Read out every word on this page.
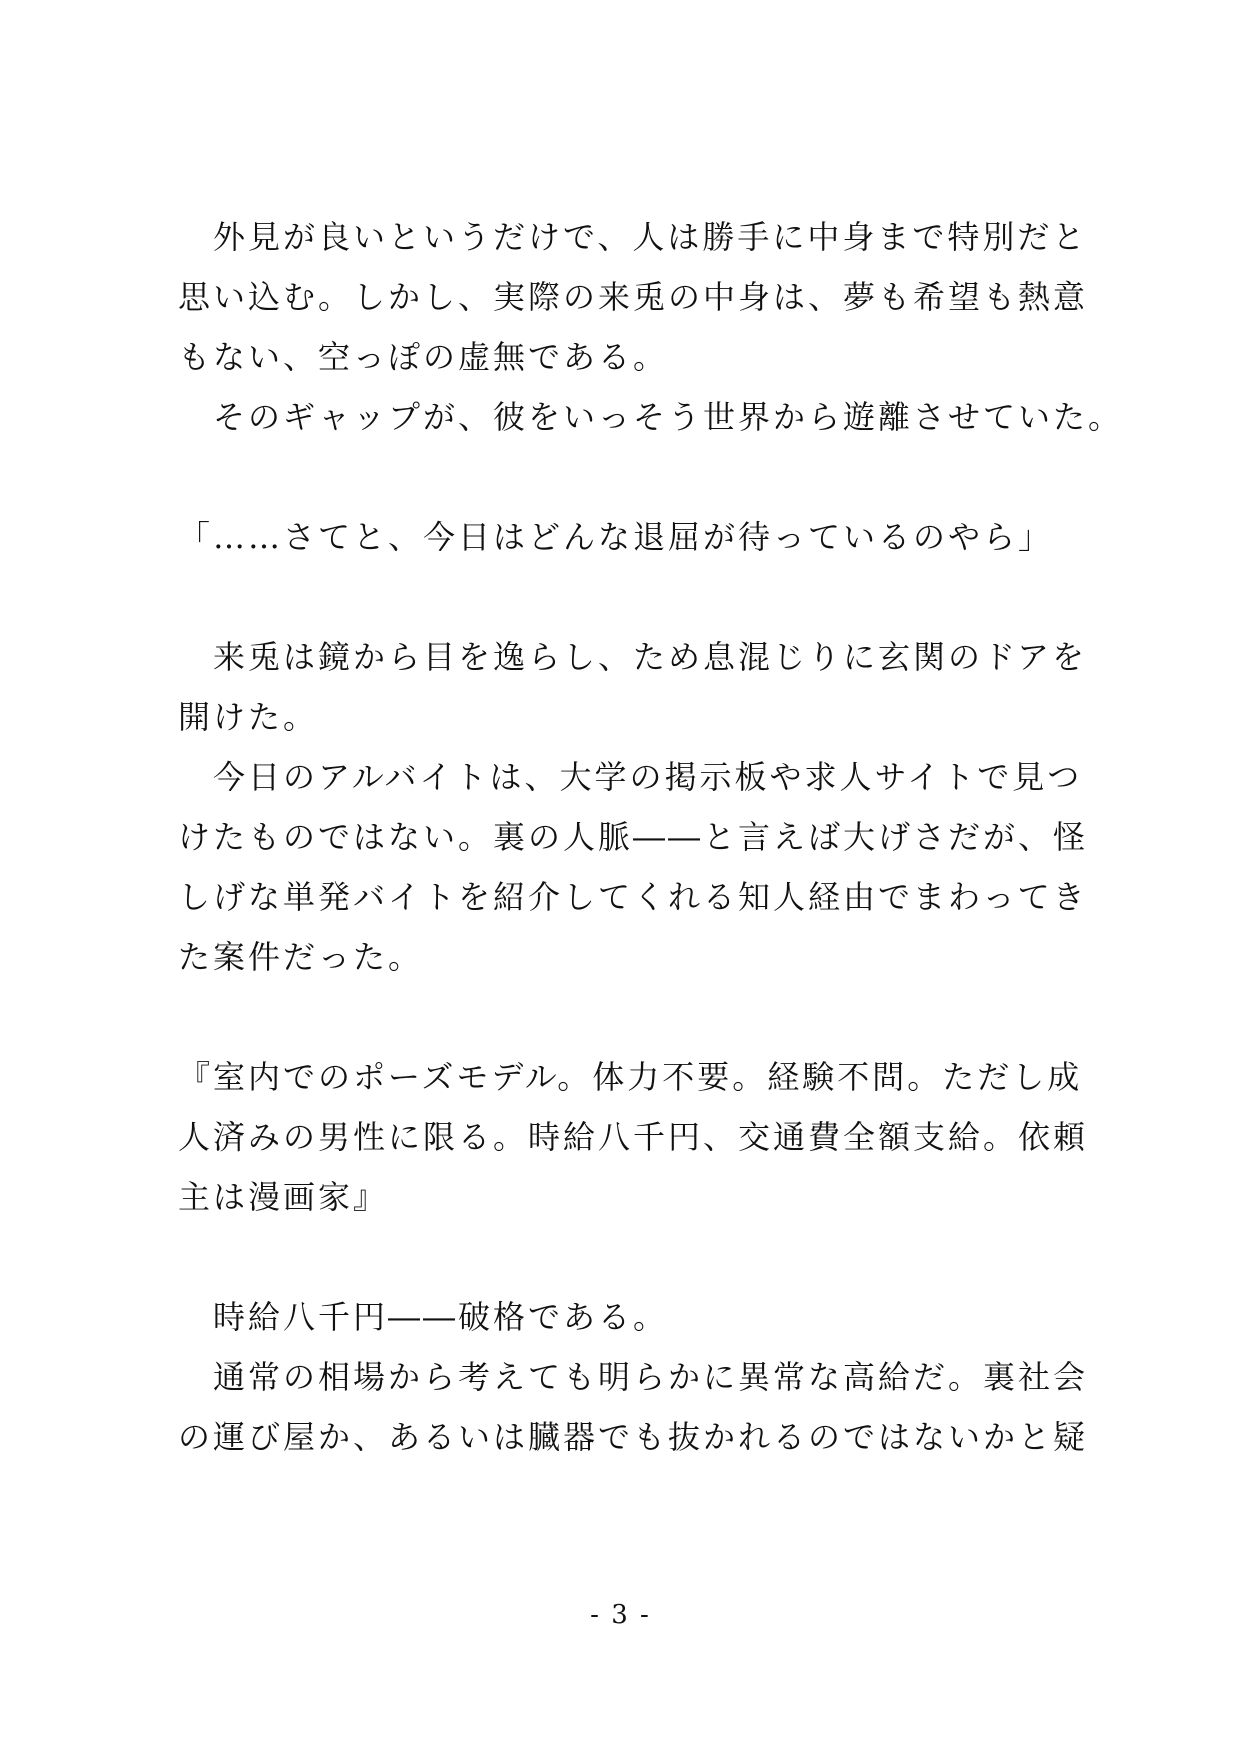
　外見が良いというだけで、人は勝手に中身まで特別だと
思い込む。しかし、実際の来兎の中身は、夢も希望も熱意
もない、空っぽの虚無である。
　そのギャップが、彼をいっそう世界から遊離させていた。
「……さてと、今日はどんな退屈が待っているのやら」
　来兎は鏡から目を逸らし、ため息混じりに玄関のドアを
開けた。
　今日のアルバイトは、大学の掲示板や求人サイトで見つ
けたものではない。裏の人脈――と言えば大げさだが、怪
しげな単発バイトを紹介してくれる知人経由でまわってき
た案件だった。
『室内でのポーズモデル。体力不要。経験不問。ただし成
人済みの男性に限る。時給八千円、交通費全額支給。依頼
主は漫画家』
　時給八千円――破格である。
　通常の相場から考えても明らかに異常な高給だ。裏社会
の運び屋か、あるいは臓器でも抜かれるのではないかと疑
- 3 -
